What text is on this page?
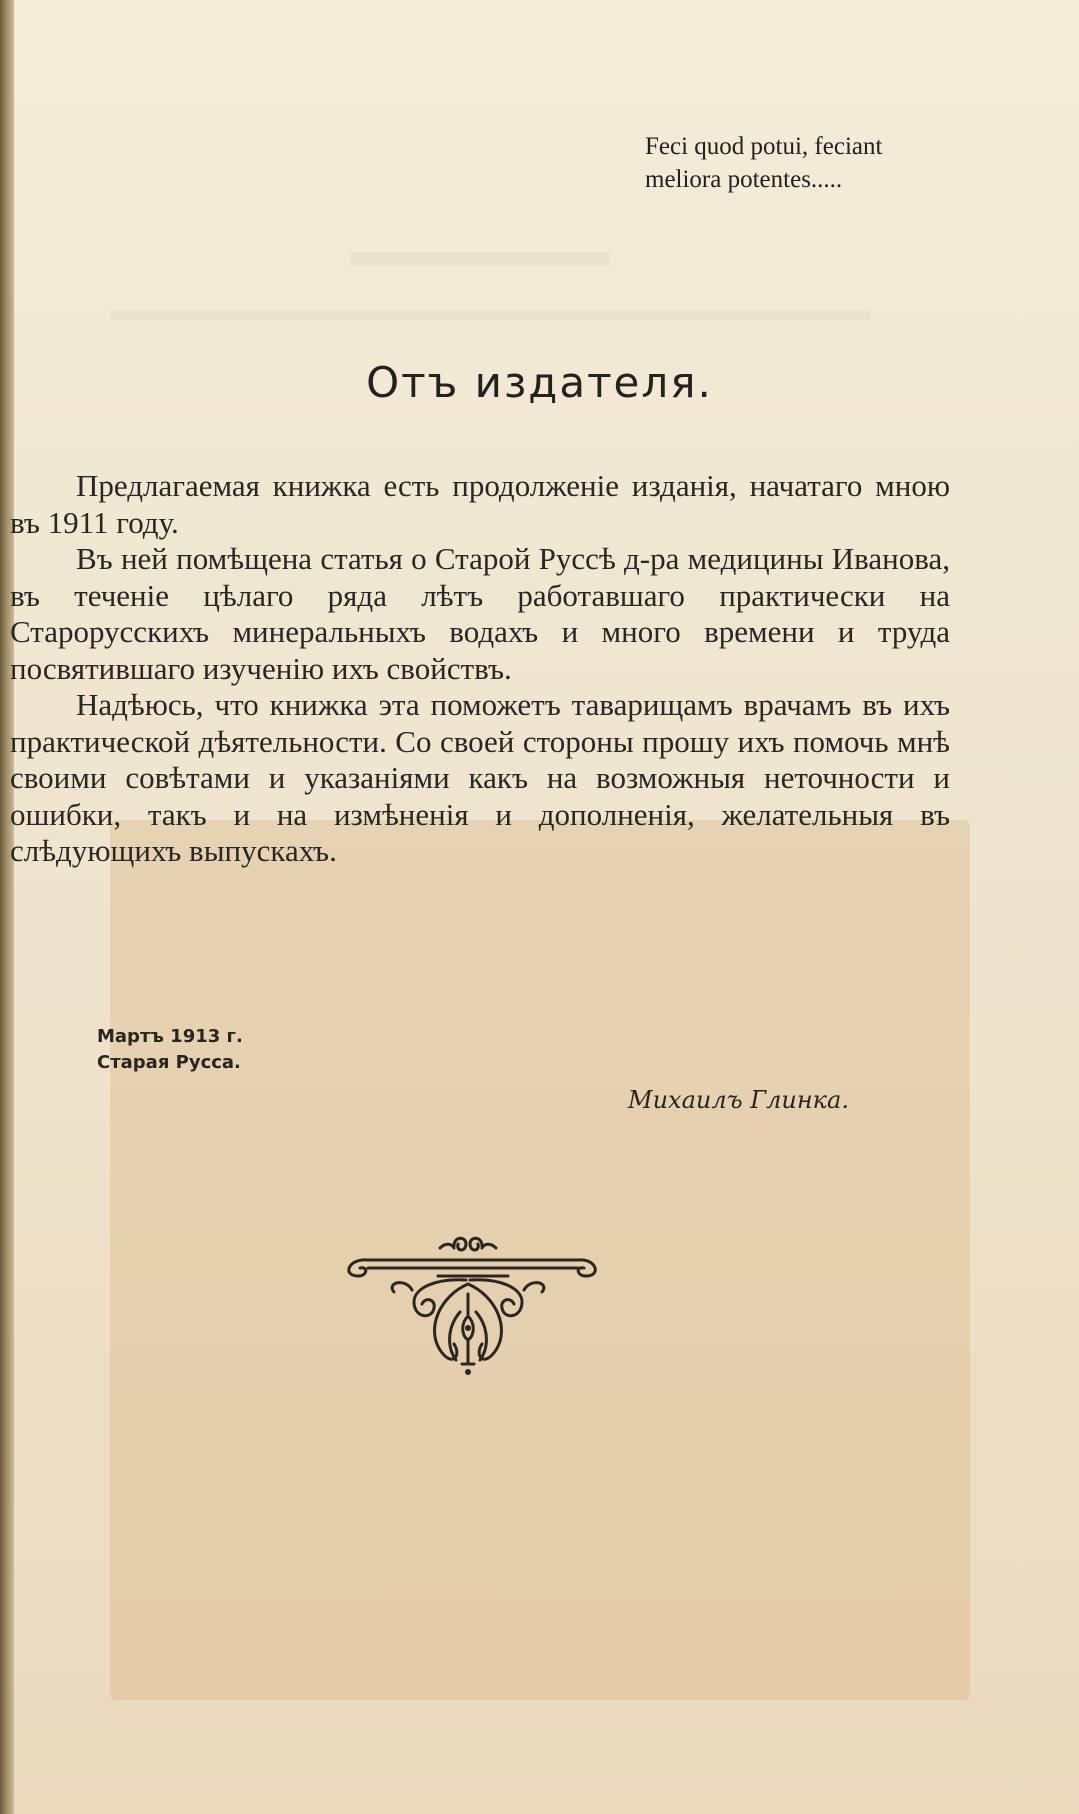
Feci quod potui, feciant
meliora potentes.....
Отъ издателя.

Предлагаемая книжка есть продолженіе изданія, начатаго мною въ 1911 году.

Въ ней помѣщена статья о Старой Руссѣ д-ра медицины Иванова, въ теченіе цѣлаго ряда лѣтъ работавшаго практически на Старорусскихъ минеральныхъ водахъ и много времени и труда посвятившаго изученію ихъ свойствъ.

Надѣюсь, что книжка эта поможетъ таварищамъ врачамъ въ ихъ практической дѣятельности. Со своей стороны прошу ихъ помочь мнѣ своими совѣтами и указаніями какъ на возможныя неточности и ошибки, такъ и на измѣненія и дополненія, желательныя въ слѣдующихъ выпускахъ.

Мартъ 1913 г.
Старая Русса.
Михаилъ Глинка.
